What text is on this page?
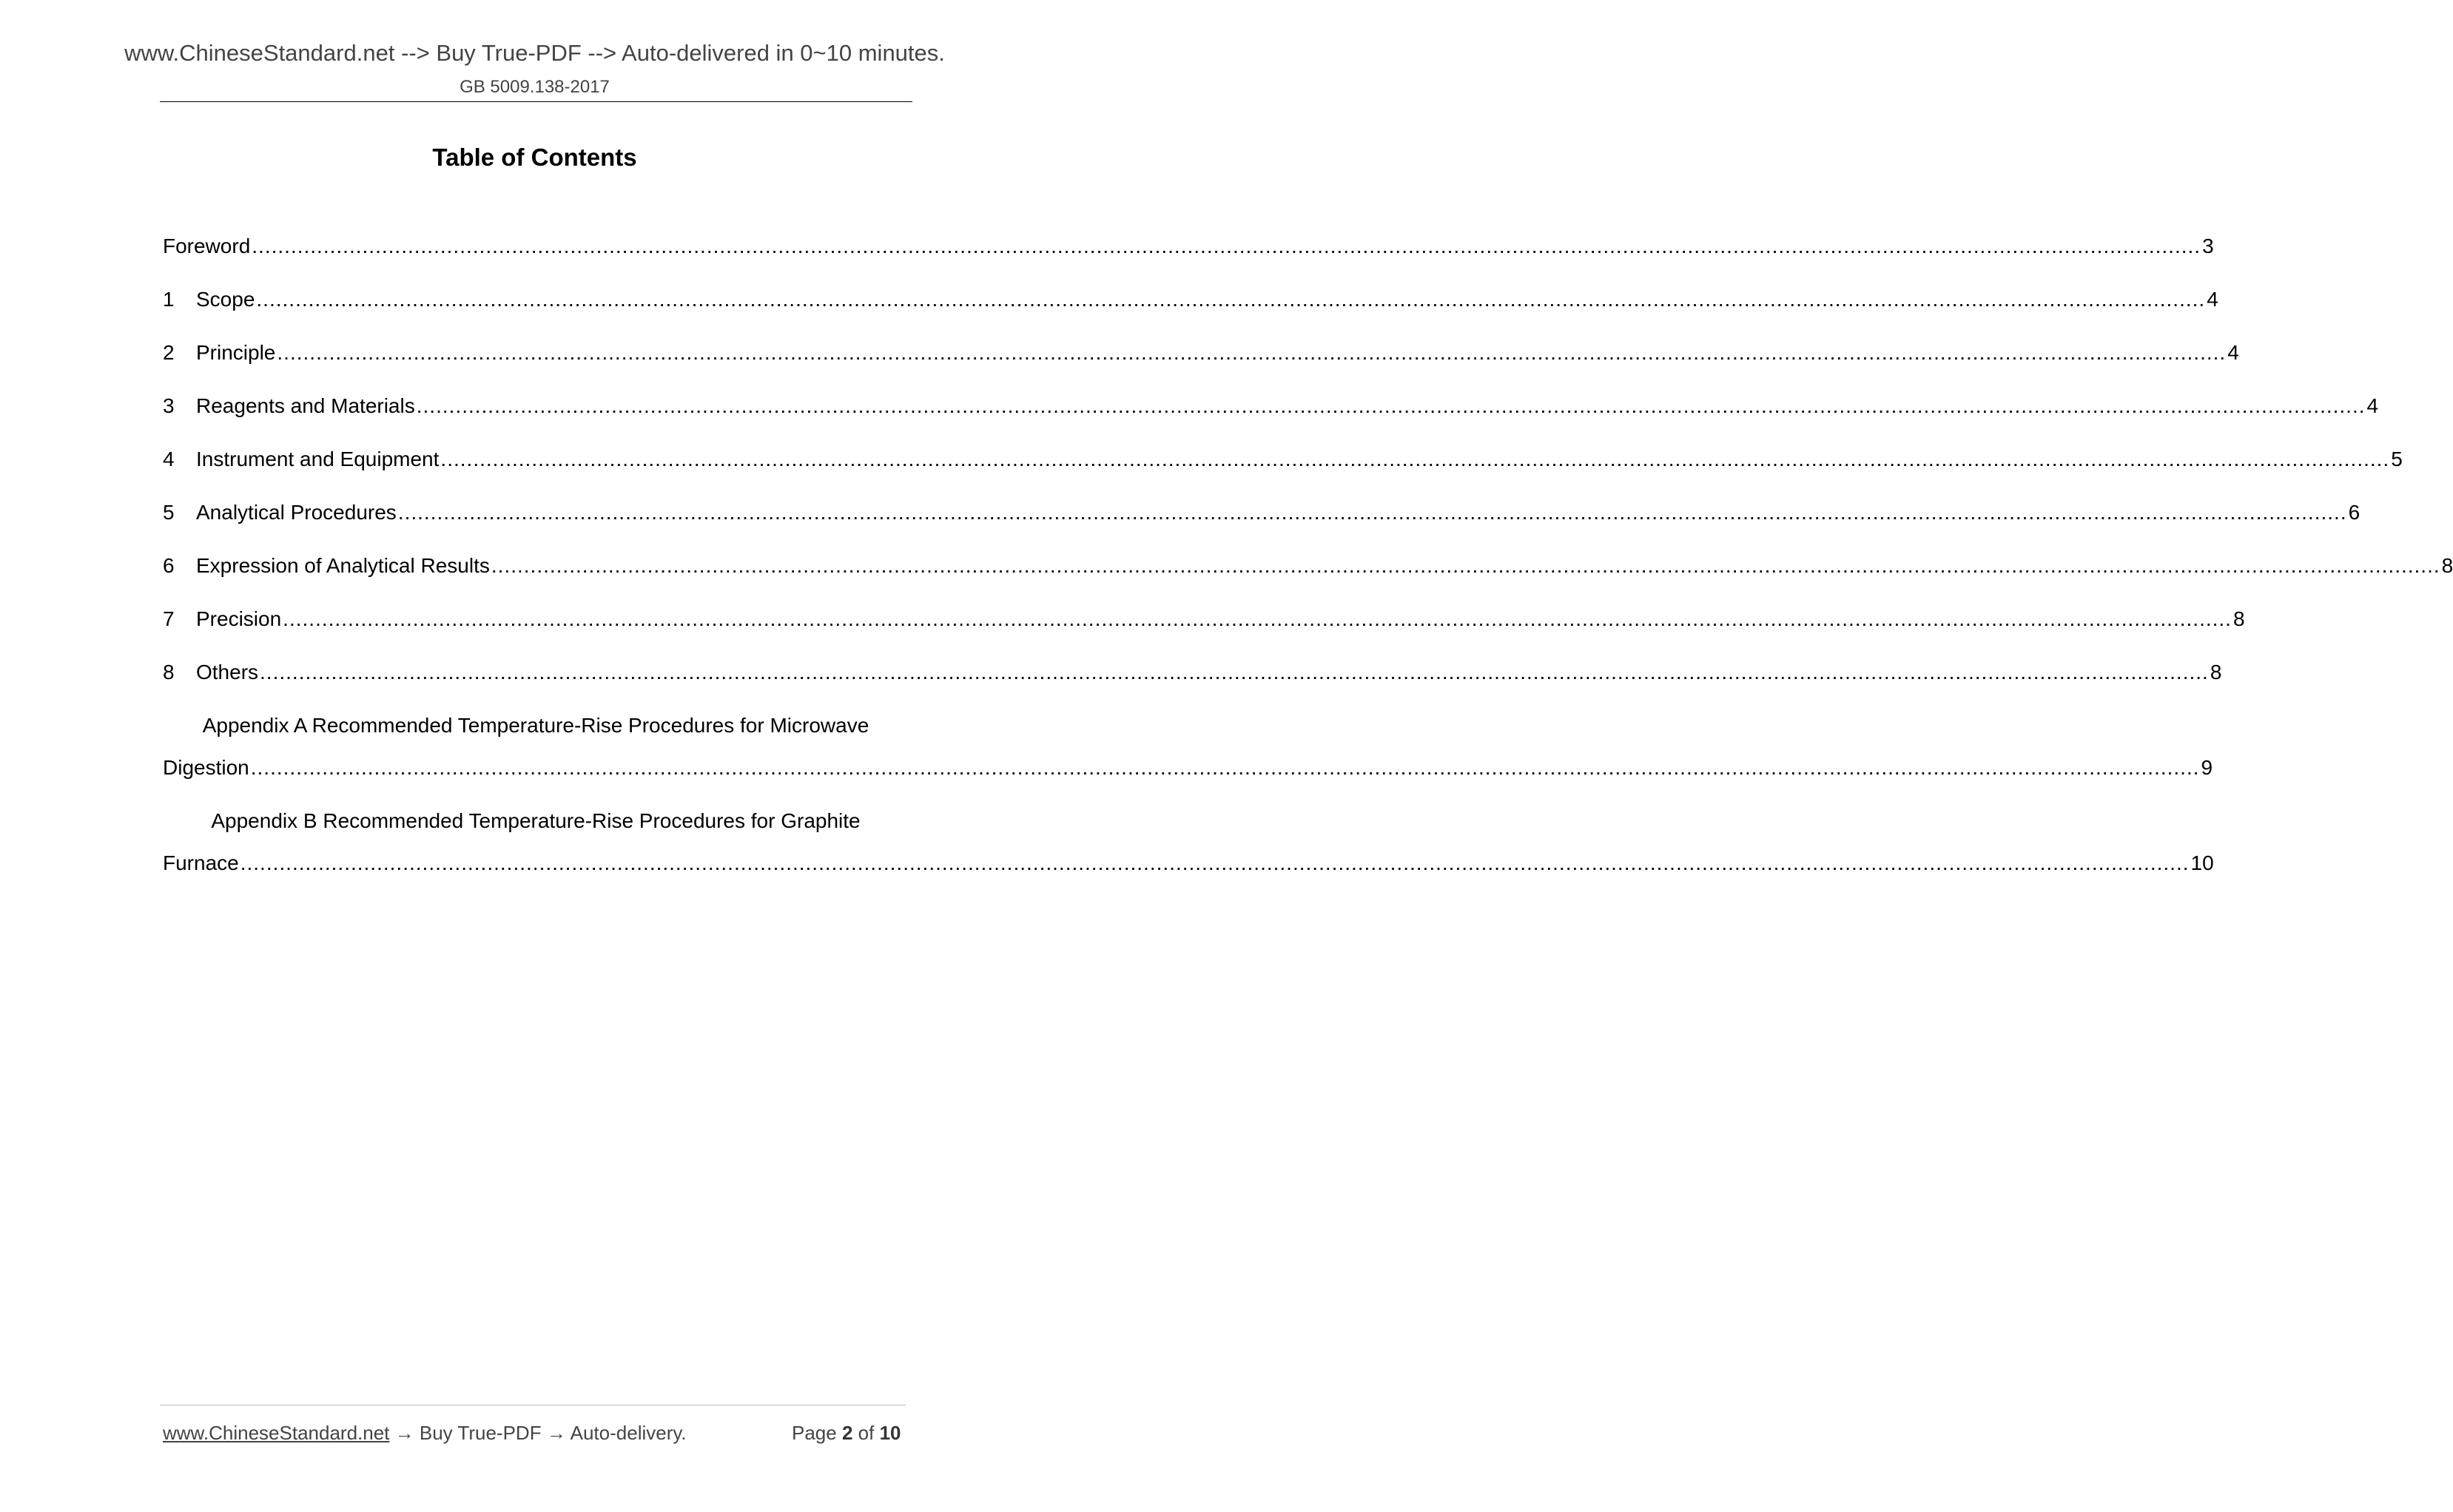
www.ChineseStandard.net --> Buy True-PDF --> Auto-delivered in 0~10 minutes.
GB 5009.138-2017
Table of Contents
Foreword ............................................................................................................................................................................................................................................................................................................ 3
1	Scope ............................................................................................................................................................................................................................................................................................................ 4
2	Principle ............................................................................................................................................................................................................................................................................................................ 4
3	Reagents and Materials ............................................................................................................................................................................................................................................................................................................ 4
4	Instrument and Equipment ............................................................................................................................................................................................................................................................................................................ 5
5	Analytical Procedures ............................................................................................................................................................................................................................................................................................................ 6
6	Expression of Analytical Results ............................................................................................................................................................................................................................................................................................................ 8
7	Precision ............................................................................................................................................................................................................................................................................................................ 8
8	Others ............................................................................................................................................................................................................................................................................................................ 8
Appendix A Recommended Temperature-Rise Procedures for Microwave
Digestion ............................................................................................................................................................................................................................................................................................................ 9
Appendix B Recommended Temperature-Rise Procedures for Graphite
Furnace ............................................................................................................................................................................................................................................................................................................ 10
www.ChineseStandard.net → Buy True-PDF → Auto-delivery.	Page 2 of 10
